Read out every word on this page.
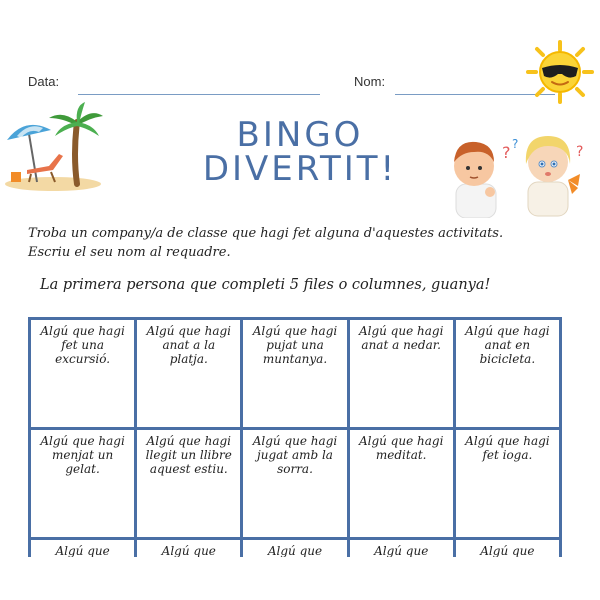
Data:	Nom:
BINGO
DIVERTIT!	? ?	?
Troba un company/a de classe que hagi fet alguna d'aquestes activitats.
Escriu el seu nom al requadre.
La primera persona que completi 5 files o columnes, guanya!
Algú que hagi fet una excursió.
Algú que hagi anat a la platja.
Algú que hagi pujat una muntanya.
Algú que hagi anat a nedar.
Algú que hagi anat en bicicleta.
Algú que hagi menjat un gelat.
Algú que hagi llegit un llibre aquest estiu.
Algú que hagi jugat amb la sorra.
Algú que hagi meditat.
Algú que hagi fet ioga.
Algú que	Algú que	Algú que	Algú que	Algú que
